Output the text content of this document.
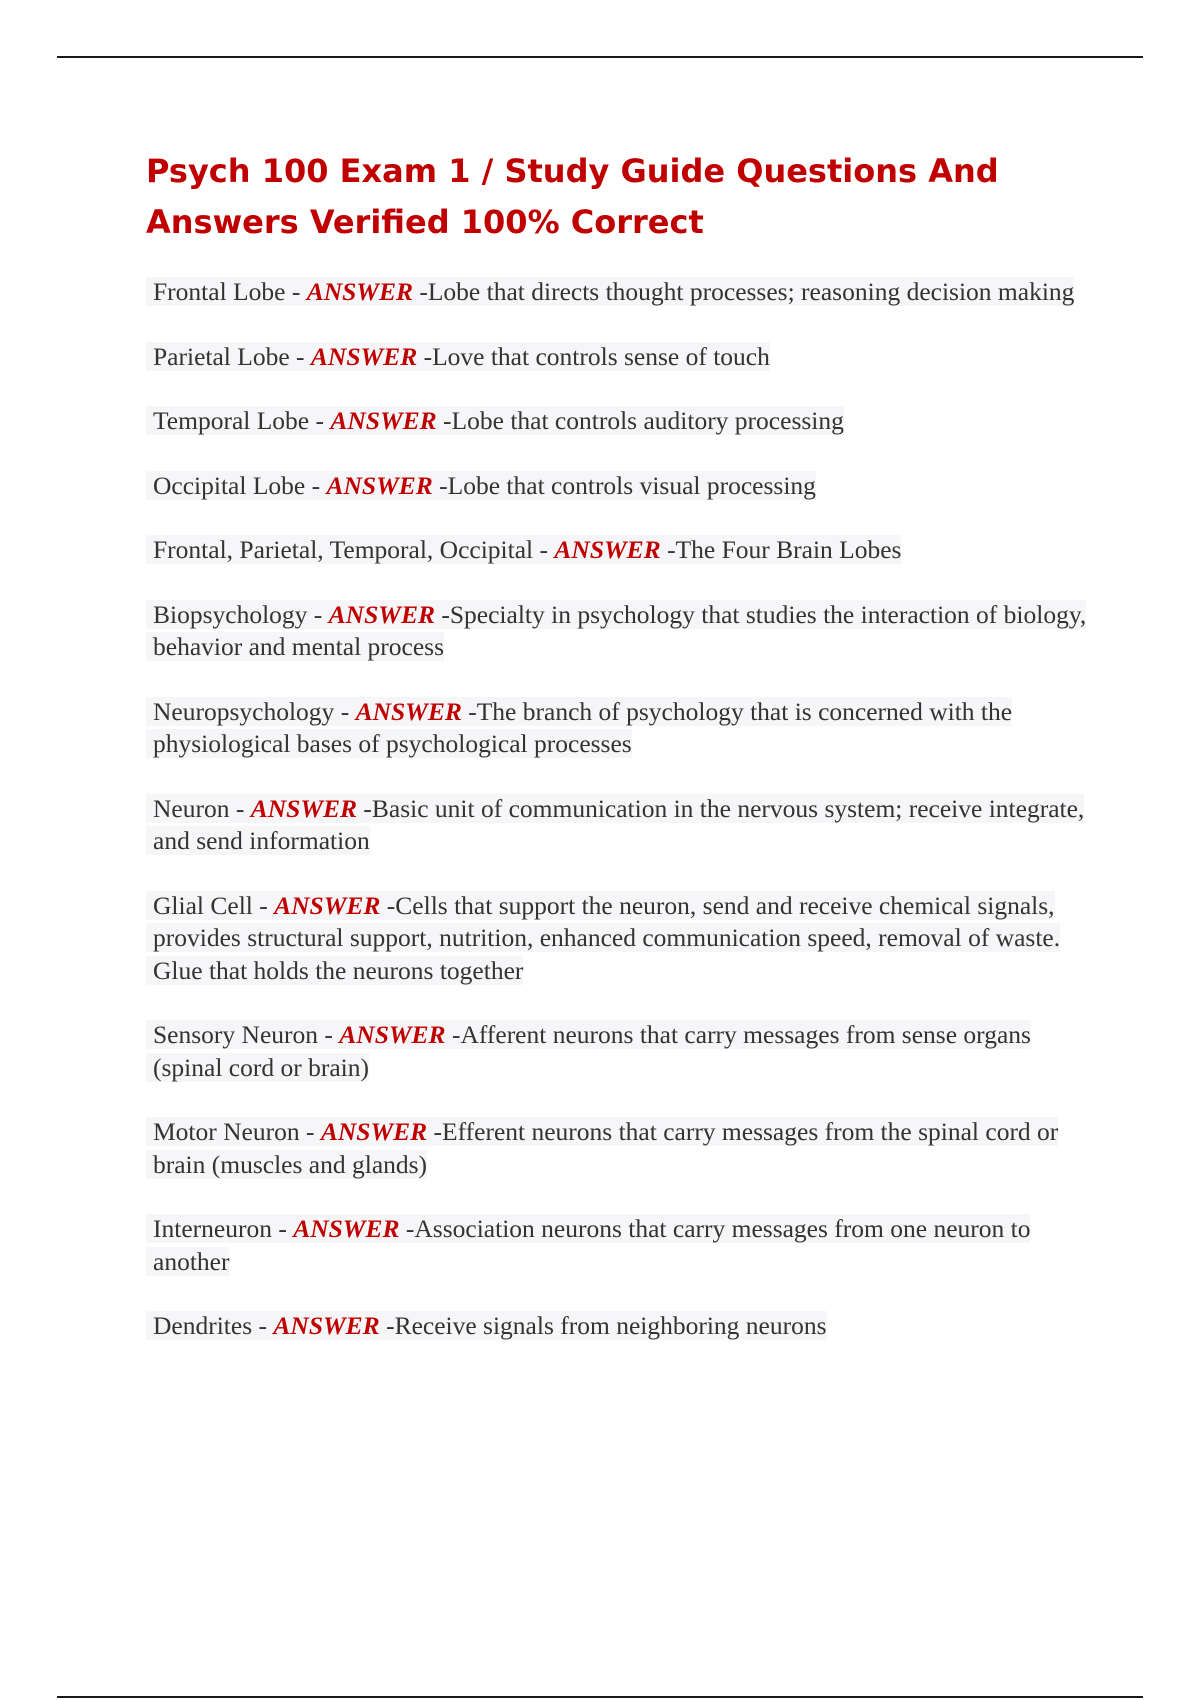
Psych 100 Exam 1 / Study Guide Questions And Answers Verified 100% Correct
Frontal Lobe - ANSWER -Lobe that directs thought processes; reasoning decision making
Parietal Lobe - ANSWER -Love that controls sense of touch
Temporal Lobe - ANSWER -Lobe that controls auditory processing
Occipital Lobe - ANSWER -Lobe that controls visual processing
Frontal, Parietal, Temporal, Occipital - ANSWER -The Four Brain Lobes
Biopsychology - ANSWER -Specialty in psychology that studies the interaction of biology, behavior and mental process
Neuropsychology - ANSWER -The branch of psychology that is concerned with the physiological bases of psychological processes
Neuron - ANSWER -Basic unit of communication in the nervous system; receive integrate, and send information
Glial Cell - ANSWER -Cells that support the neuron, send and receive chemical signals, provides structural support, nutrition, enhanced communication speed, removal of waste. Glue that holds the neurons together
Sensory Neuron - ANSWER -Afferent neurons that carry messages from sense organs (spinal cord or brain)
Motor Neuron - ANSWER -Efferent neurons that carry messages from the spinal cord or brain (muscles and glands)
Interneuron - ANSWER -Association neurons that carry messages from one neuron to another
Dendrites - ANSWER -Receive signals from neighboring neurons
